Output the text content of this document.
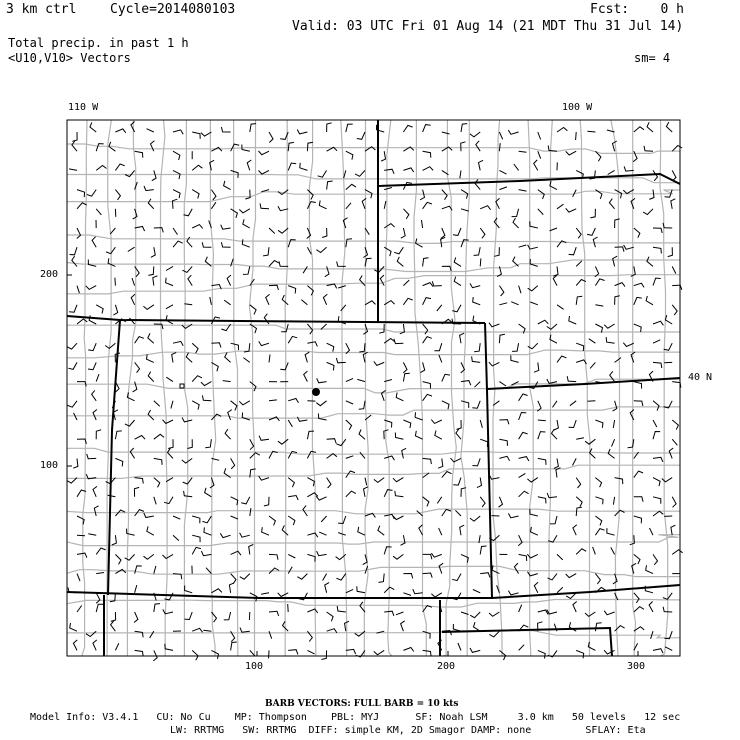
3 km ctrl	Cycle=2014080103	Fcst:    0 h
Valid: 03 UTC Fri 01 Aug 14 (21 MDT Thu 31 Jul 14)
Total precip. in past 1 h
<U10,V10> Vectors	sm= 4
110 W	100 W
40 N
100	200	300
200
100
BARB VECTORS: FULL BARB = 10 kts
Model Info: V3.4.1   CU: No Cu    MP: Thompson    PBL: MYJ      SF: Noah LSM     3.0 km   50 levels   12 sec
LW: RRTMG   SW: RRTMG  DIFF: simple KM, 2D Smagor DAMP: none         SFLAY: Eta
